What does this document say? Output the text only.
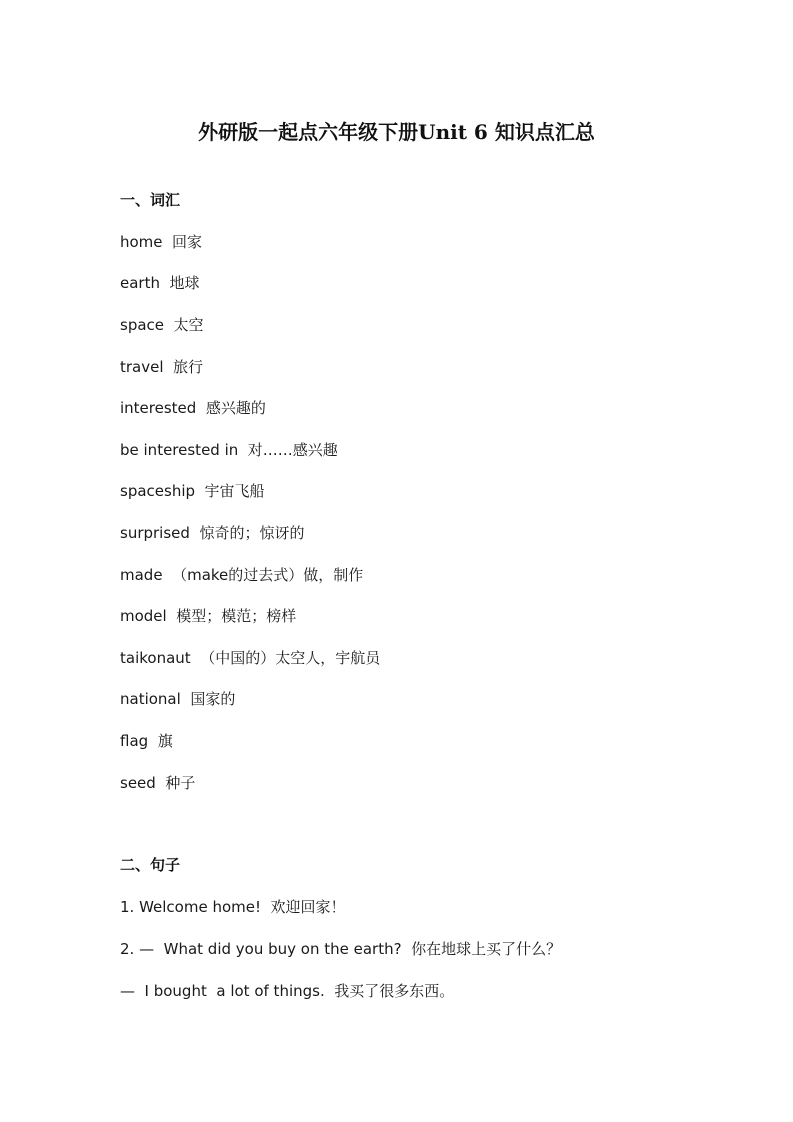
外研版一起点六年级下册Unit 6 知识点汇总
一、词汇
home  回家
earth  地球
space  太空
travel  旅行
interested  感兴趣的
be interested in  对……感兴趣
spaceship  宇宙飞船
surprised  惊奇的；惊讶的
made  （make的过去式）做，制作
model  模型；模范；榜样
taikonaut  （中国的）太空人，宇航员
national  国家的
flag  旗
seed  种子
二、句子
1. Welcome home!  欢迎回家！
2. —  What did you buy on the earth?  你在地球上买了什么？
—  I bought  a lot of things.  我买了很多东西。
